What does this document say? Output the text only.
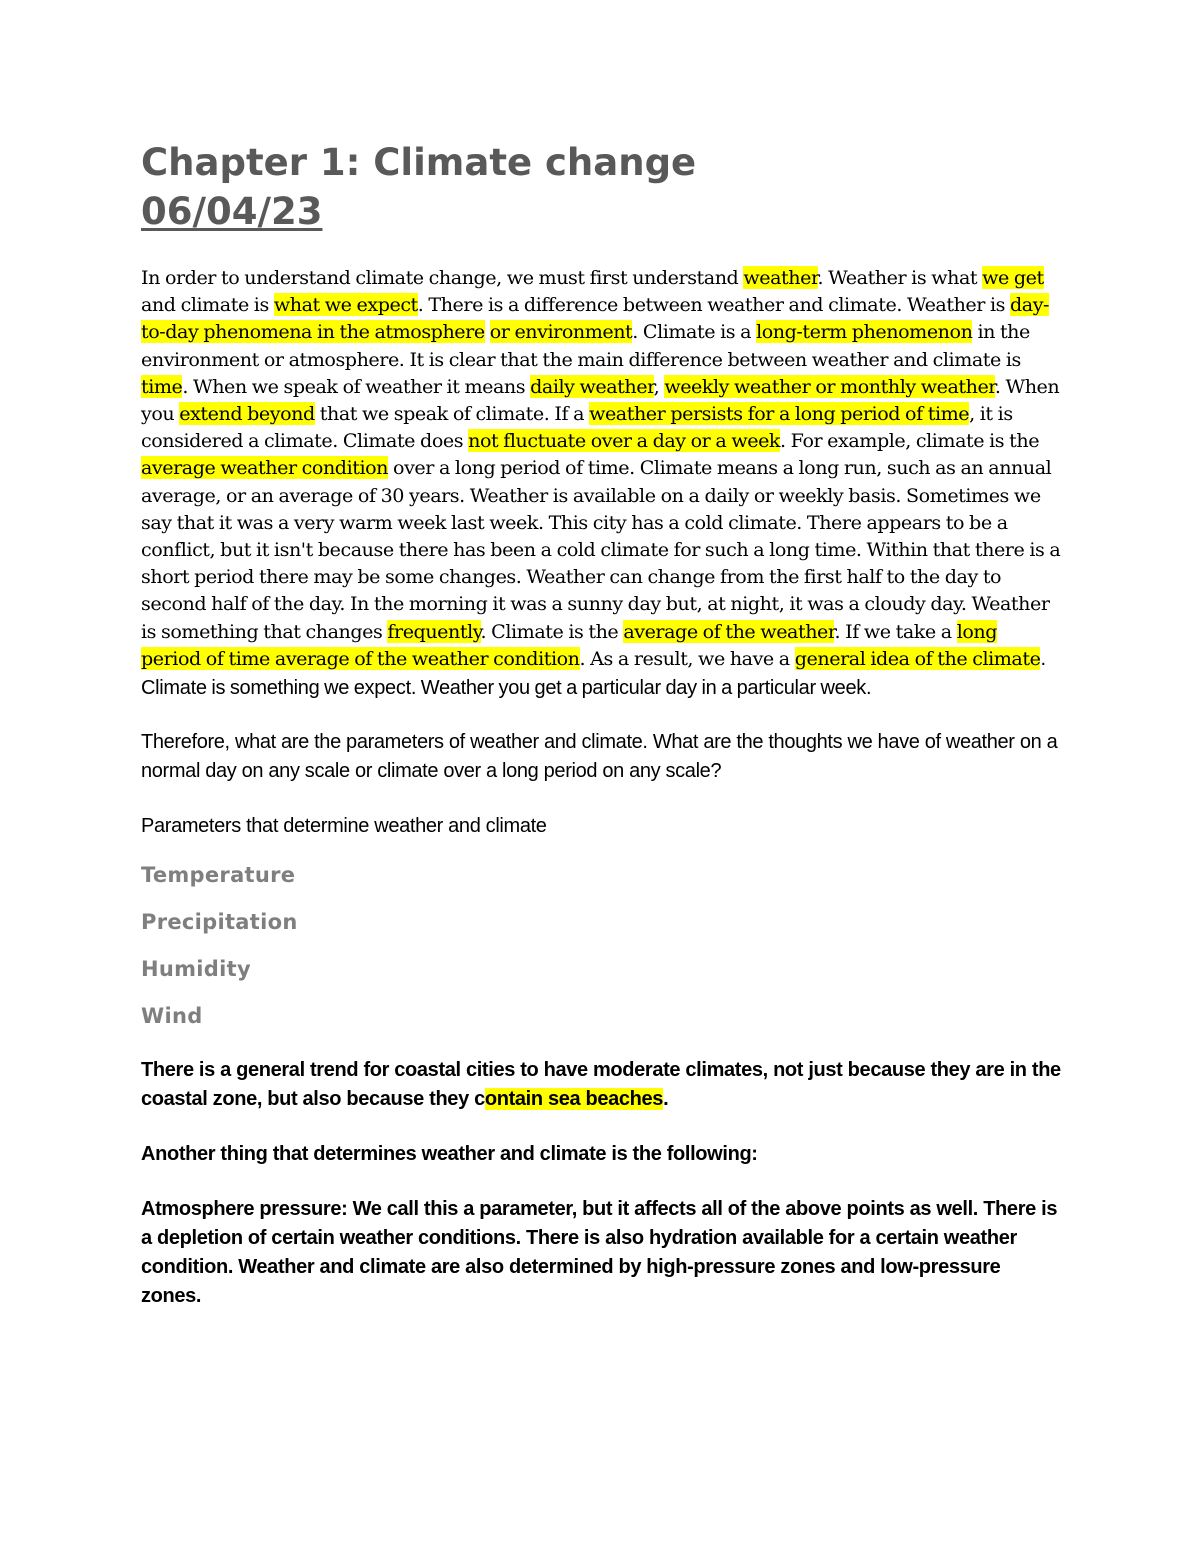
Chapter 1: Climate change
06/04/23

In order to understand climate change, we must first understand weather. Weather is what we get and climate is what we expect. There is a difference between weather and climate. Weather is day-to-day phenomena in the atmosphere or environment. Climate is a long-term phenomenon in the environment or atmosphere. It is clear that the main difference between weather and climate is time. When we speak of weather it means daily weather, weekly weather or monthly weather. When you extend beyond that we speak of climate. If a weather persists for a long period of time, it is considered a climate. Climate does not fluctuate over a day or a week. For example, climate is the average weather condition over a long period of time. Climate means a long run, such as an annual average, or an average of 30 years. Weather is available on a daily or weekly basis. Sometimes we say that it was a very warm week last week. This city has a cold climate. There appears to be a conflict, but it isn't because there has been a cold climate for such a long time. Within that there is a short period there may be some changes. Weather can change from the first half to the day to second half of the day. In the morning it was a sunny day but, at night, it was a cloudy day. Weather is something that changes frequently. Climate is the average of the weather. If we take a long period of time average of the weather condition. As a result, we have a general idea of the climate. Climate is something we expect. Weather you get a particular day in a particular week.

Therefore, what are the parameters of weather and climate. What are the thoughts we have of weather on a normal day on any scale or climate over a long period on any scale?

Parameters that determine weather and climate

Temperature

Precipitation

Humidity

Wind

There is a general trend for coastal cities to have moderate climates, not just because they are in the coastal zone, but also because they contain sea beaches.

Another thing that determines weather and climate is the following:

Atmosphere pressure: We call this a parameter, but it affects all of the above points as well. There is a depletion of certain weather conditions. There is also hydration available for a certain weather condition. Weather and climate are also determined by high-pressure zones and low-pressure zones.
